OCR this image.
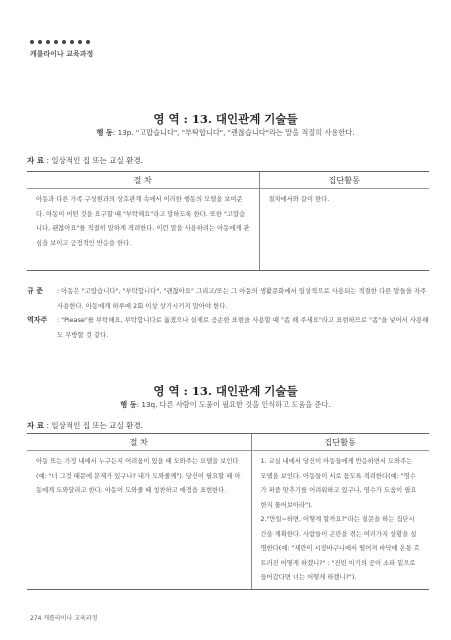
캐롤라이나 교육과정
영 역 : 13. 대인관계 기술들
행 동: 13p. "고맙습니다", "부탁합니다", "괜찮습니다"라는 말을 적절히 사용한다.
자 료 : 일상적인 집 또는 교실 환경.
절 차	집단활동
아동과 다른 가족 구성원과의 상호관계 속에서 이러한 행동의 모델을 보여준다. 아동이 어떤 것을 요구할 때 "부탁해요"라고 말하도록 한다. 또한 "고맙습니다, 괜찮아요"를 적절히 말하게 격려한다. 이런 말을 사용하려는 아동에게 관심을 보이고 긍정적인 반응을 한다.	절차에서와 같이 한다.
규 준	: 아동은 "고맙습니다", "부탁합니다", "괜찮아요" 그리고/또는 그 아동의 생활문화에서 일상적으로 사용되는 적절한 다른 말들을 자주 사용한다. 아동에게 하루에 2회 이상 상기시키지 말아야 한다.
역자주	: "Please"를 부탁해요, 부탁합니다로 옮겼으나 실제로 공손한 표현을 사용할 때 "좀 해 주세요"라고 표현하므로 "좀"을 넣어서 사용해도 무방할 것 같다.
영 역 : 13. 대인관계 기술들
행 동: 13q. 다른 사람이 도움이 필요한 것을 인식하고 도움을 준다.
자 료 : 일상적인 집 또는 교실 환경.
절 차	집단활동
아동 또는 가정 내에서 누구든지 어려움이 있을 때 도와주는 모델을 보인다(예: "너 그것 때문에 문제가 있구나? 내가 도와줄께"). 당신이 필요할 때 아동에게 도와달라고 한다. 아동이 도와줄 때 칭찬하고 애정을 표현한다.	1. 교실 내에서 당신이 아동들에게 반응하면서 도와주는 모델을 보인다. 아동들이 서로 돕도록 격려한다(예: "영수가 퍼즐 맞추기를 어려워하고 있구나, 영수가 도움이 필요한지 물어보아라").
2."만일~하면, 어떻게 할까요?"라는 질문을 하는 집단시간을 계획한다. 사람들이 곤란을 겪는 여러가지 상황을 설명한다(예: "제란이 시장바구니에서 떨어져 바닥에 온통 흐트러진 어떻게 하겠니?" : "진빈 이기의 공이 소파 밑으로 들어갔다면 너는 어떻게 하겠니?").
274 캐롤라이나 교육과정
